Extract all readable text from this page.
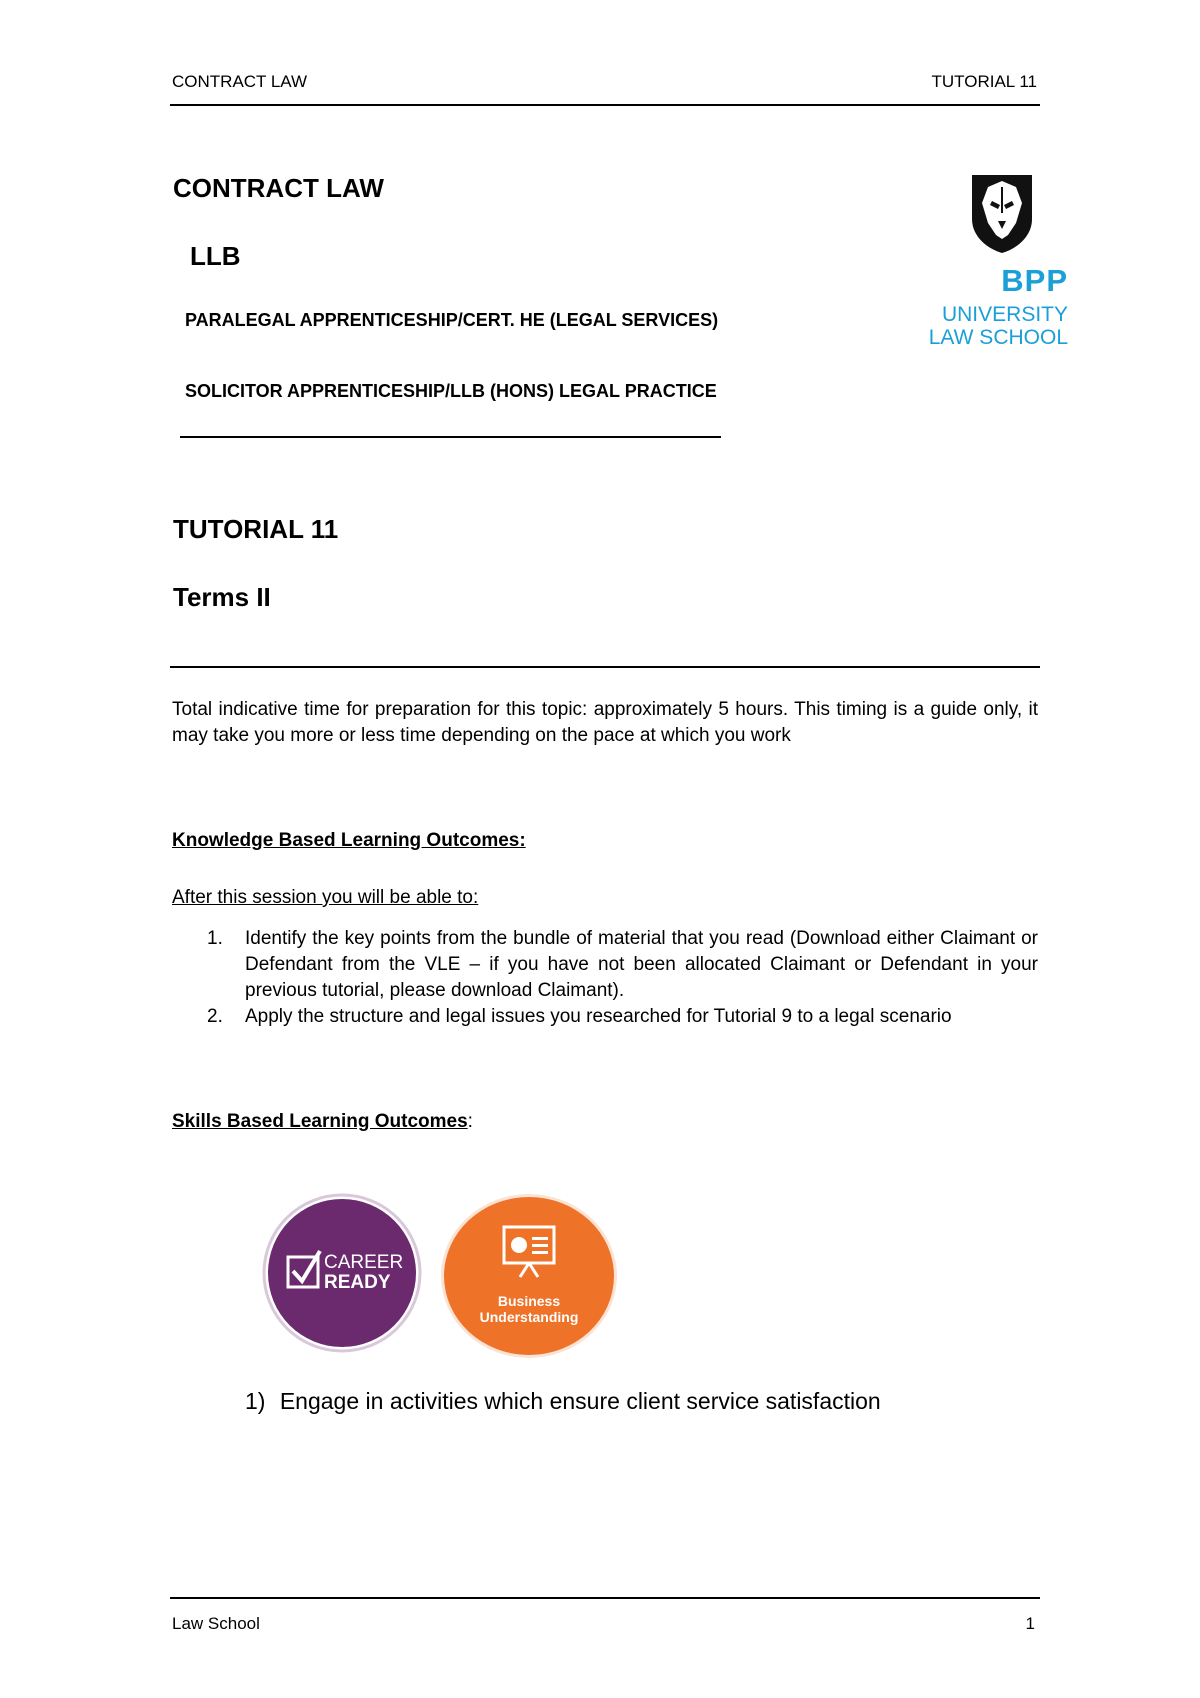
CONTRACT LAW	TUTORIAL 11
CONTRACT LAW
LLB
PARALEGAL APPRENTICESHIP/CERT. HE (LEGAL SERVICES)
SOLICITOR APPRENTICESHIP/LLB (HONS) LEGAL PRACTICE
BPP
UNIVERSITY
LAW SCHOOL
TUTORIAL 11
Terms II
Total indicative time for preparation for this topic: approximately 5 hours. This timing is a guide only, it may take you more or less time depending on the pace at which you work
Knowledge Based Learning Outcomes:
After this session you will be able to:
1. Identify the key points from the bundle of material that you read (Download either Claimant or Defendant from the VLE – if you have not been allocated Claimant or Defendant in your previous tutorial, please download Claimant).
2. Apply the structure and legal issues you researched for Tutorial 9 to a legal scenario
Skills Based Learning Outcomes:
CAREER
READY
Business
Understanding
1) Engage in activities which ensure client service satisfaction
Law School	1
